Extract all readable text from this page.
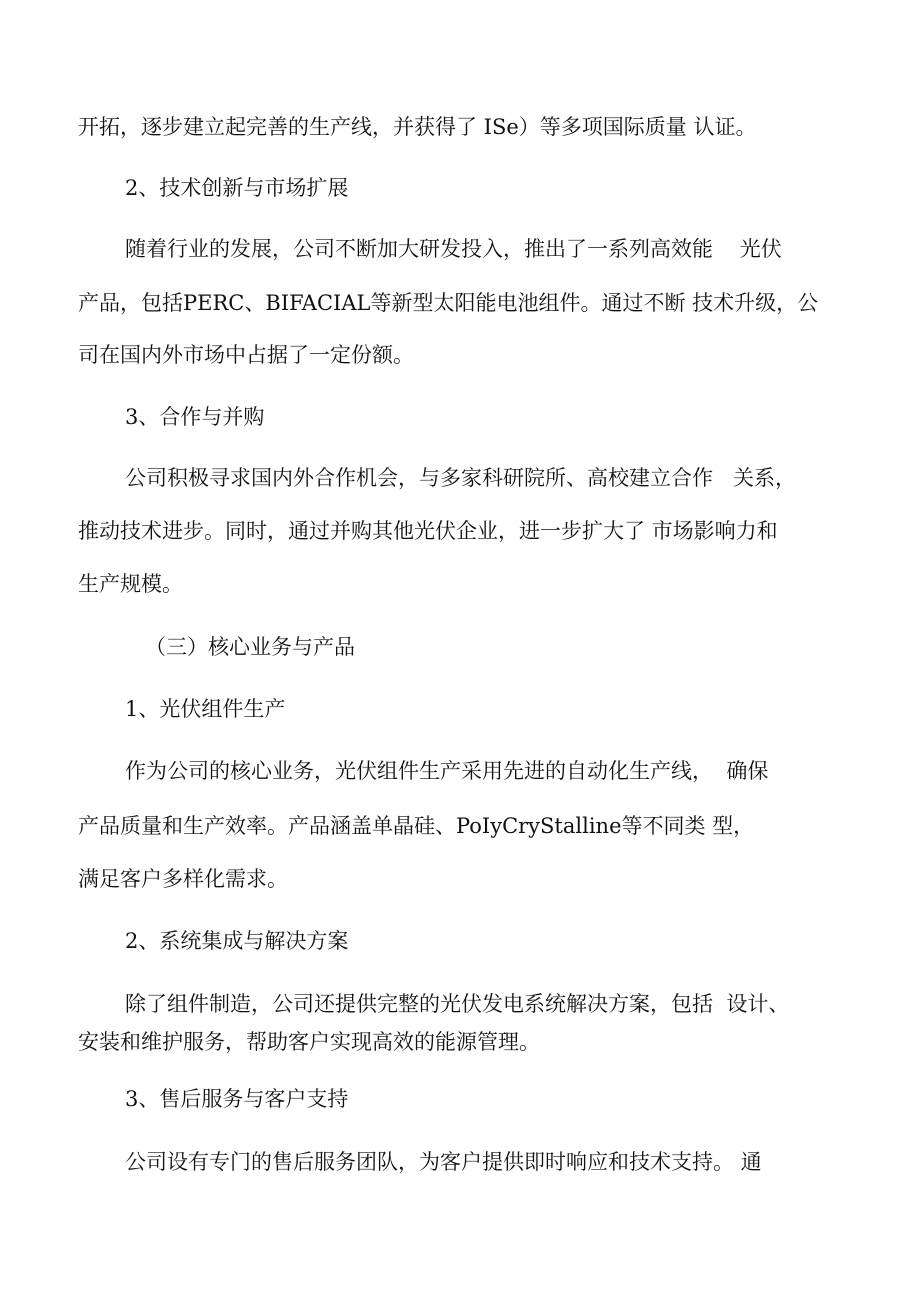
开拓，逐步建立起完善的生产线，并获得了 ISe）等多项国际质量 认证。
2、技术创新与市场扩展
随着行业的发展，公司不断加大研发投入，推出了一系列高效能    光伏
产品，包括PERC、BIFACIAL等新型太阳能电池组件。通过不断 技术升级，公
司在国内外市场中占据了一定份额。
3、合作与并购
公司积极寻求国内外合作机会，与多家科研院所、高校建立合作   关系，
推动技术进步。同时，通过并购其他光伏企业，进一步扩大了 市场影响力和
生产规模。
（三）核心业务与产品
1、光伏组件生产
作为公司的核心业务，光伏组件生产采用先进的自动化生产线，  确保
产品质量和生产效率。产品涵盖单晶硅、PoIyCryStalline等不同类 型，
满足客户多样化需求。
2、系统集成与解决方案
除了组件制造，公司还提供完整的光伏发电系统解决方案，包括  设计、
安装和维护服务，帮助客户实现高效的能源管理。
3、售后服务与客户支持
公司设有专门的售后服务团队，为客户提供即时响应和技术支持。 通
